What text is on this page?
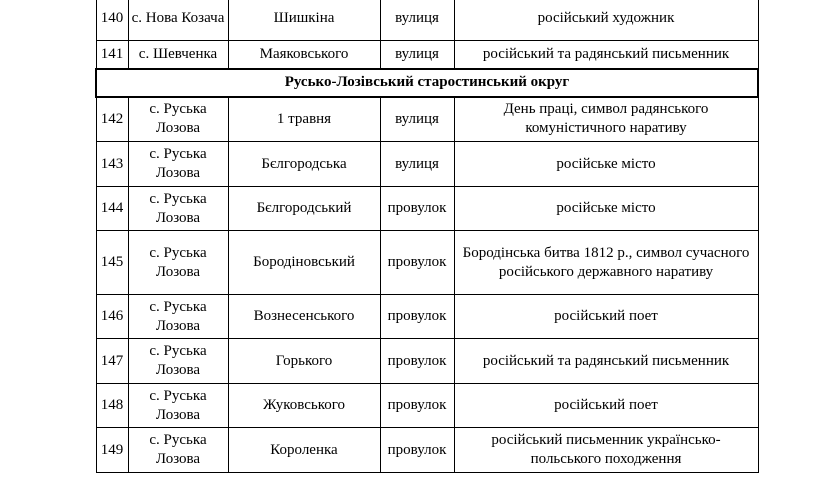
140	с. Нова Козача	Шишкіна	вулиця	російський художник
141	с. Шевченка	Маяковського	вулиця	російський та радянський письменник
Русько-Лозівський старостинський округ				
142	с. Руська Лозова	1 травня	вулиця	День праці, символ радянського комуністичного наративу
143	с. Руська Лозова	Бєлгородська	вулиця	російське місто
144	с. Руська Лозова	Бєлгородський	провулок	російське місто
145	с. Руська Лозова	Бородіновський	провулок	Бородінська битва 1812 р., символ сучасного російського державного наративу
146	с. Руська Лозова	Вознесенського	провулок	російський поет
147	с. Руська Лозова	Горького	провулок	російський та радянський письменник
148	с. Руська Лозова	Жуковського	провулок	російський поет
149	с. Руська Лозова	Короленка	провулок	російський письменник українсько-польського походження
